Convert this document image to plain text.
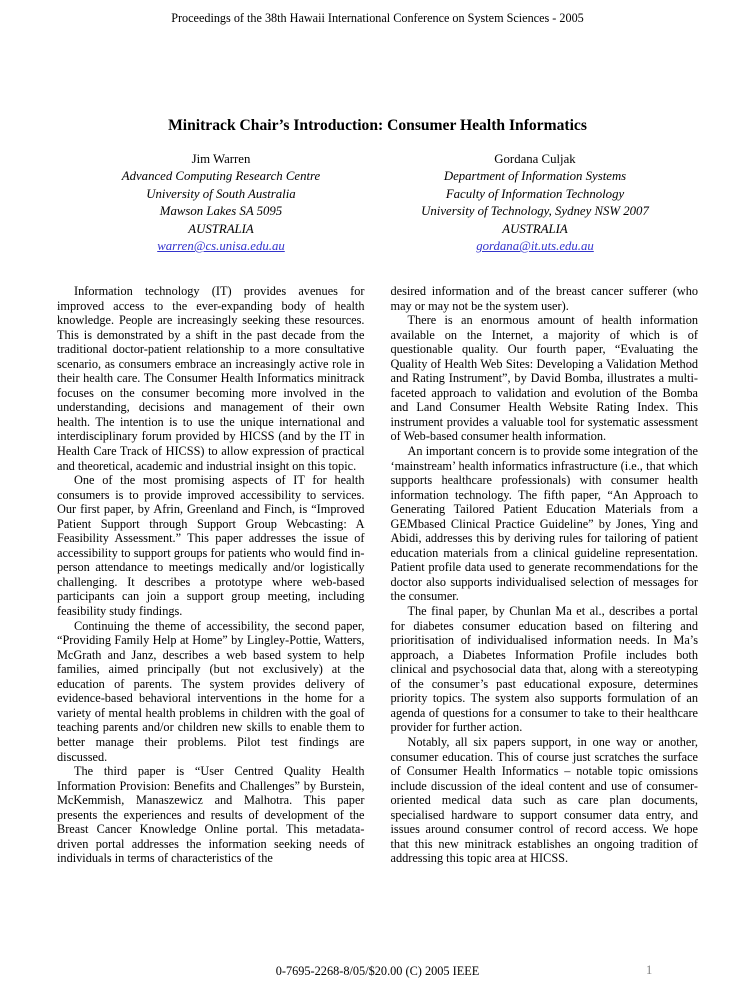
Proceedings of the 38th Hawaii International Conference on System Sciences - 2005
Minitrack Chair’s Introduction: Consumer Health Informatics
Jim Warren
Advanced Computing Research Centre
University of South Australia
Mawson Lakes SA 5095
AUSTRALIA
warren@cs.unisa.edu.au
Gordana Culjak
Department of Information Systems
Faculty of Information Technology
University of Technology, Sydney NSW 2007
AUSTRALIA
gordana@it.uts.edu.au

Information technology (IT) provides avenues for improved access to the ever-expanding body of health knowledge. People are increasingly seeking these resources. This is demonstrated by a shift in the past decade from the traditional doctor-patient relationship to a more consultative scenario, as consumers embrace an increasingly active role in their health care. The Consumer Health Informatics minitrack focuses on the consumer becoming more involved in the understanding, decisions and management of their own health. The intention is to use the unique international and interdisciplinary forum provided by HICSS (and by the IT in Health Care Track of HICSS) to allow expression of practical and theoretical, academic and industrial insight on this topic.

One of the most promising aspects of IT for health consumers is to provide improved accessibility to services. Our first paper, by Afrin, Greenland and Finch, is “Improved Patient Support through Support Group Webcasting: A Feasibility Assessment.” This paper addresses the issue of accessibility to support groups for patients who would find in-person attendance to meetings medically and/or logistically challenging. It describes a prototype where web-based participants can join a support group meeting, including feasibility study findings.

Continuing the theme of accessibility, the second paper, “Providing Family Help at Home” by Lingley-Pottie, Watters, McGrath and Janz, describes a web based system to help families, aimed principally (but not exclusively) at the education of parents. The system provides delivery of evidence-based behavioral interventions in the home for a variety of mental health problems in children with the goal of teaching parents and/or children new skills to enable them to better manage their problems. Pilot test findings are discussed.

The third paper is “User Centred Quality Health Information Provision: Benefits and Challenges” by Burstein, McKemmish, Manaszewicz and Malhotra. This paper presents the experiences and results of development of the Breast Cancer Knowledge Online portal. This metadata-driven portal addresses the information seeking needs of individuals in terms of characteristics of the

desired information and of the breast cancer sufferer (who may or may not be the system user).

There is an enormous amount of health information available on the Internet, a majority of which is of questionable quality. Our fourth paper, “Evaluating the Quality of Health Web Sites: Developing a Validation Method and Rating Instrument”, by David Bomba, illustrates a multi-faceted approach to validation and evolution of the Bomba and Land Consumer Health Website Rating Index. This instrument provides a valuable tool for systematic assessment of Web-based consumer health information.

An important concern is to provide some integration of the ‘mainstream’ health informatics infrastructure (i.e., that which supports healthcare professionals) with consumer health information technology. The fifth paper, “An Approach to Generating Tailored Patient Education Materials from a GEMbased Clinical Practice Guideline” by Jones, Ying and Abidi, addresses this by deriving rules for tailoring of patient education materials from a clinical guideline representation. Patient profile data used to generate recommendations for the doctor also supports individualised selection of messages for the consumer.

The final paper, by Chunlan Ma et al., describes a portal for diabetes consumer education based on filtering and prioritisation of individualised information needs. In Ma’s approach, a Diabetes Information Profile includes both clinical and psychosocial data that, along with a stereotyping of the consumer’s past educational exposure, determines priority topics. The system also supports formulation of an agenda of questions for a consumer to take to their healthcare provider for further action.

Notably, all six papers support, in one way or another, consumer education. This of course just scratches the surface of Consumer Health Informatics – notable topic omissions include discussion of the ideal content and use of consumer-oriented medical data such as care plan documents, specialised hardware to support consumer data entry, and issues around consumer control of record access. We hope that this new minitrack establishes an ongoing tradition of addressing this topic area at HICSS.

0-7695-2268-8/05/$20.00 (C) 2005 IEEE	1
